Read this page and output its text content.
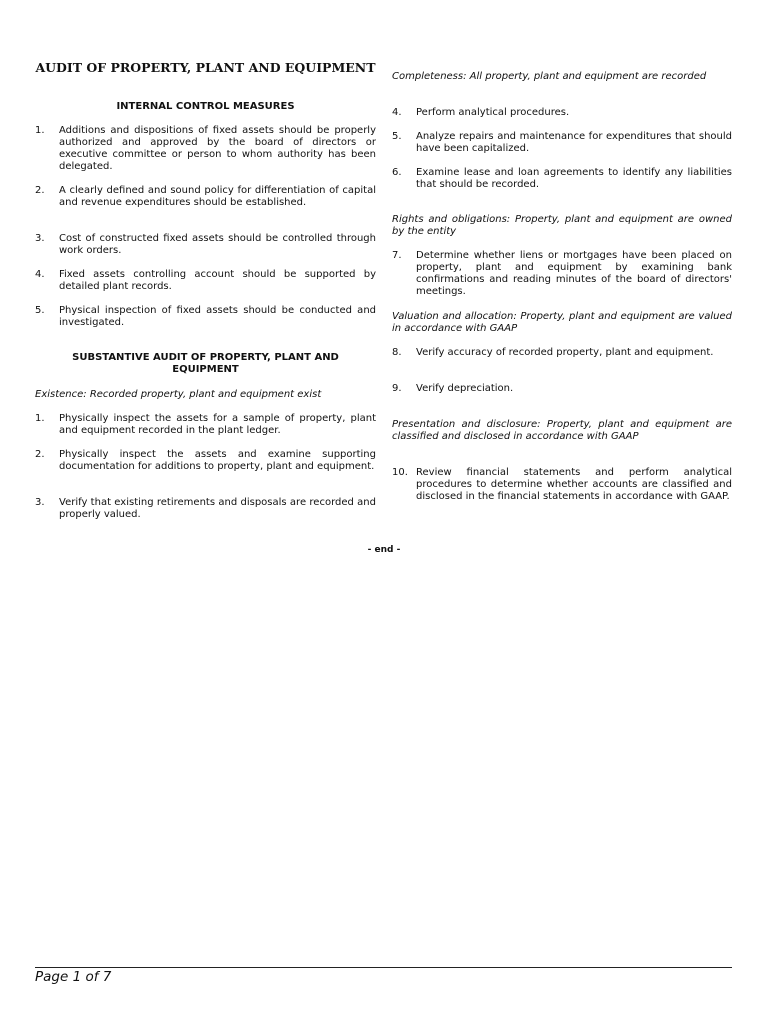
AUDIT OF PROPERTY, PLANT AND EQUIPMENT
INTERNAL CONTROL MEASURES
1.	Additions and dispositions of fixed assets should be properly authorized and approved by the board of directors or executive committee or person to whom authority has been delegated.
2.	A clearly defined and sound policy for differentiation of capital and revenue expenditures should be established.
3.	Cost of constructed fixed assets should be controlled through work orders.
4.	Fixed assets controlling account should be supported by detailed plant records.
5.	Physical inspection of fixed assets should be conducted and investigated.
SUBSTANTIVE AUDIT OF PROPERTY, PLANT AND EQUIPMENT

Existence: Recorded property, plant and equipment exist

1.	Physically inspect the assets for a sample of property, plant and equipment recorded in the plant ledger.
2.	Physically inspect the assets and examine supporting documentation for additions to property, plant and equipment.
3.	Verify that existing retirements and disposals are recorded and properly valued.

Completeness: All property, plant and equipment are recorded

4.	Perform analytical procedures.
5.	Analyze repairs and maintenance for expenditures that should have been capitalized.
6.	Examine lease and loan agreements to identify any liabilities that should be recorded.

Rights and obligations: Property, plant and equipment are owned by the entity

7.	Determine whether liens or mortgages have been placed on property, plant and equipment by examining bank confirmations and reading minutes of the board of directors' meetings.

Valuation and allocation: Property, plant and equipment are valued in accordance with GAAP

8.	Verify accuracy of recorded property, plant and equipment.
9.	Verify depreciation.

Presentation and disclosure: Property, plant and equipment are classified and disclosed in accordance with GAAP

10. Review financial statements and perform analytical procedures to determine whether accounts are classified and disclosed in the financial statements in accordance with GAAP.
- end -
Page 1 of 7
